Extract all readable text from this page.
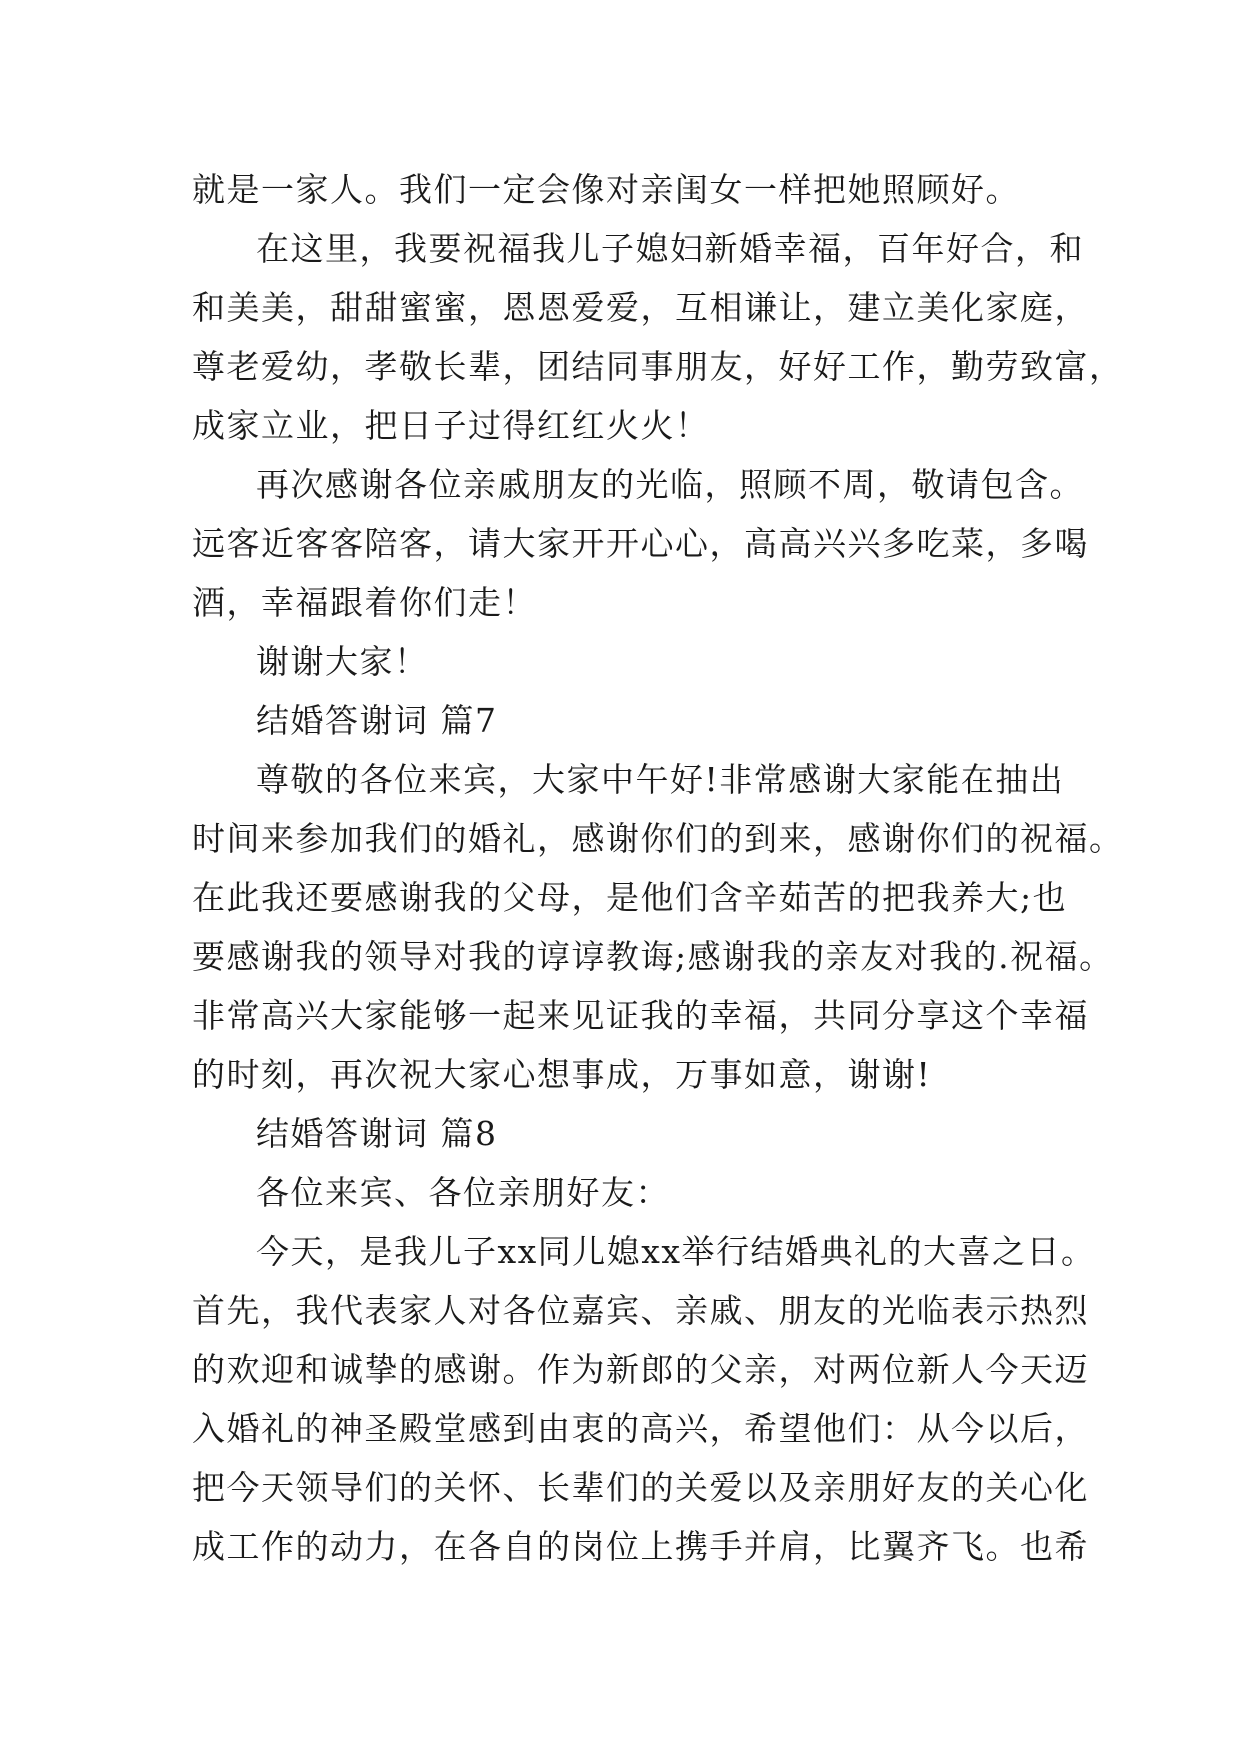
就是一家人。我们一定会像对亲闺女一样把她照顾好。
在这里，我要祝福我儿子媳妇新婚幸福，百年好合，和
和美美，甜甜蜜蜜，恩恩爱爱，互相谦让，建立美化家庭，
尊老爱幼，孝敬长辈，团结同事朋友，好好工作，勤劳致富，
成家立业，把日子过得红红火火！
再次感谢各位亲戚朋友的光临，照顾不周，敬请包含。
远客近客客陪客，请大家开开心心，高高兴兴多吃菜，多喝
酒，幸福跟着你们走！
谢谢大家！
结婚答谢词 篇7
尊敬的各位来宾，大家中午好!非常感谢大家能在抽出
时间来参加我们的婚礼，感谢你们的到来，感谢你们的祝福。
在此我还要感谢我的父母，是他们含辛茹苦的把我养大;也
要感谢我的领导对我的谆谆教诲;感谢我的亲友对我的.祝福。
非常高兴大家能够一起来见证我的幸福，共同分享这个幸福
的时刻，再次祝大家心想事成，万事如意，谢谢!
结婚答谢词 篇8
各位来宾、各位亲朋好友：
今天，是我儿子xx同儿媳xx举行结婚典礼的大喜之日。
首先，我代表家人对各位嘉宾、亲戚、朋友的光临表示热烈
的欢迎和诚挚的感谢。作为新郎的父亲，对两位新人今天迈
入婚礼的神圣殿堂感到由衷的高兴，希望他们：从今以后，
把今天领导们的关怀、长辈们的关爱以及亲朋好友的关心化
成工作的动力，在各自的岗位上携手并肩，比翼齐飞。也希
